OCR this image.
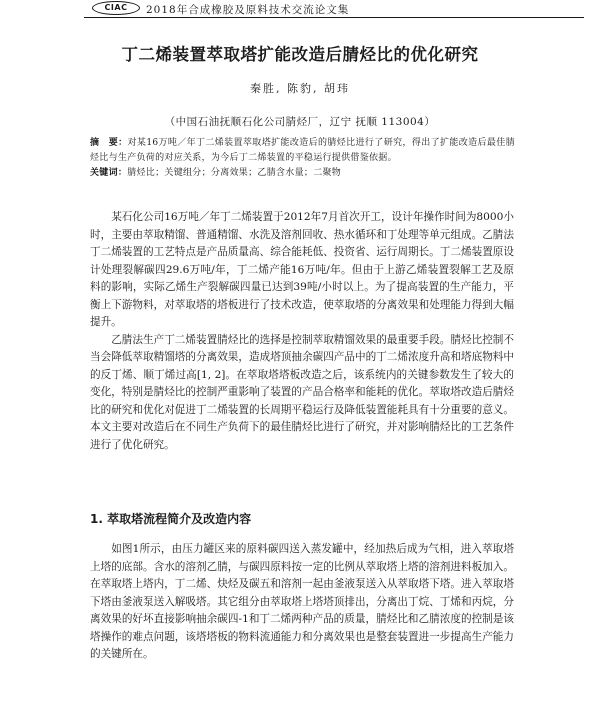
CIAC	2018年合成橡胶及原料技术交流论文集
丁二烯装置萃取塔扩能改造后腈烃比的优化研究
秦胜, 陈豹, 胡玮
（中国石油抚顺石化公司腈烃厂，辽宁 抚顺 113004）
摘　要：对某16万吨／年丁二烯装置萃取塔扩能改造后的腈烃比进行了研究，得出了扩能改造后最佳腈烃比与生产负荷的对应关系，为今后丁二烯装置的平稳运行提供借鉴依据。
关键词：腈烃比；关键组分；分离效果；乙腈含水量；二聚物

某石化公司16万吨／年丁二烯装置于2012年7月首次开工，设计年操作时间为8000小时，主要由萃取精馏、普通精馏、水洗及溶剂回收、热水循环和丁处理等单元组成。乙腈法丁二烯装置的工艺特点是产品质量高、综合能耗低、投资省、运行周期长。丁二烯装置原设计处理裂解碳四29.6万吨/年，丁二烯产能16万吨/年。但由于上游乙烯装置裂解工艺及原料的影响，实际乙烯生产裂解碳四量已达到39吨/小时以上。为了提高装置的生产能力，平衡上下游物料，对萃取塔的塔板进行了技术改造，使萃取塔的分离效果和处理能力得到大幅提升。

乙腈法生产丁二烯装置腈烃比的选择是控制萃取精馏效果的最重要手段。腈烃比控制不当会降低萃取精馏塔的分离效果，造成塔顶抽余碳四产品中的丁二烯浓度升高和塔底物料中的反丁烯、顺丁烯过高[1, 2]。在萃取塔塔板改造之后，该系统内的关键参数发生了较大的变化，特别是腈烃比的控制严重影响了装置的产品合格率和能耗的优化。萃取塔改造后腈烃比的研究和优化对促进丁二烯装置的长周期平稳运行及降低装置能耗具有十分重要的意义。本文主要对改造后在不同生产负荷下的最佳腈烃比进行了研究，并对影响腈烃比的工艺条件进行了优化研究。

1. 萃取塔流程简介及改造内容

如图1所示，由压力罐区来的原料碳四送入蒸发罐中，经加热后成为气相，进入萃取塔上塔的底部。含水的溶剂乙腈，与碳四原料按一定的比例从萃取塔上塔的溶剂进料板加入。在萃取塔上塔内，丁二烯、炔烃及碳五和溶剂一起由釜液泵送入从萃取塔下塔。进入萃取塔下塔由釜液泵送入解吸塔。其它组分由萃取塔上塔塔顶排出，分离出丁烷、丁烯和丙烷，分离效果的好坏直接影响抽余碳四-1和丁二烯两种产品的质量，腈烃比和乙腈浓度的控制是该塔操作的难点问题，该塔塔板的物料流通能力和分离效果也是整套装置进一步提高生产能力的关键所在。
